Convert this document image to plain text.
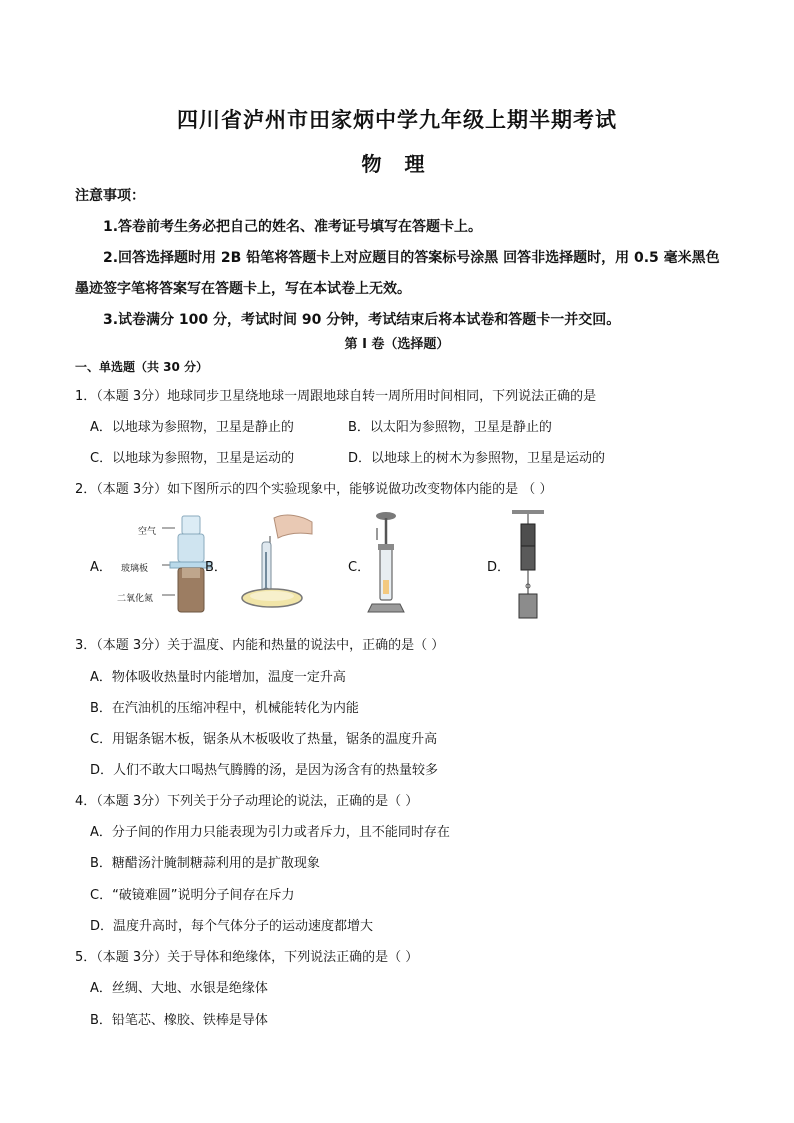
四川省泸州市田家炳中学九年级上期半期考试
物 理
注意事项：

1.答卷前考生务必把自己的姓名、准考证号填写在答题卡上。

2.回答选择题时用 2B 铅笔将答题卡上对应题目的答案标号涂黑 回答非选择题时，用 0.5 毫米黑色墨迹签字笔将答案写在答题卡上，写在本试卷上无效。

3.试卷满分 100 分，考试时间 90 分钟，考试结束后将本试卷和答题卡一并交回。

第 I 卷（选择题）
一、单选题（共 30 分）
1．（本题 3分）地球同步卫星绕地球一周跟地球自转一周所用时间相同，下列说法正确的是
A．以地球为参照物，卫星是静止的	B．以太阳为参照物，卫星是静止的
C．以地球为参照物，卫星是运动的	D．以地球上的树木为参照物，卫星是运动的
2．（本题 3分）如下图所示的四个实验现象中，能够说做功改变物体内能的是 （ ）
A．
空气
玻璃板
二氧化氮
B．	C．	D．
3．（本题 3分）关于温度、内能和热量的说法中，正确的是（ ）
A．物体吸收热量时内能增加，温度一定升高
B．在汽油机的压缩冲程中，机械能转化为内能
C．用锯条锯木板，锯条从木板吸收了热量，锯条的温度升高
D．人们不敢大口喝热气腾腾的汤，是因为汤含有的热量较多
4．（本题 3分）下列关于分子动理论的说法，正确的是（ ）
A．分子间的作用力只能表现为引力或者斥力，且不能同时存在
B．糖醋汤汁腌制糖蒜利用的是扩散现象
C．“破镜难圆”说明分子间存在斥力
D．温度升高时，每个气体分子的运动速度都增大
5．（本题 3分）关于导体和绝缘体，下列说法正确的是（ ）
A．丝绸、大地、水银是绝缘体
B．铅笔芯、橡胶、铁棒是导体
